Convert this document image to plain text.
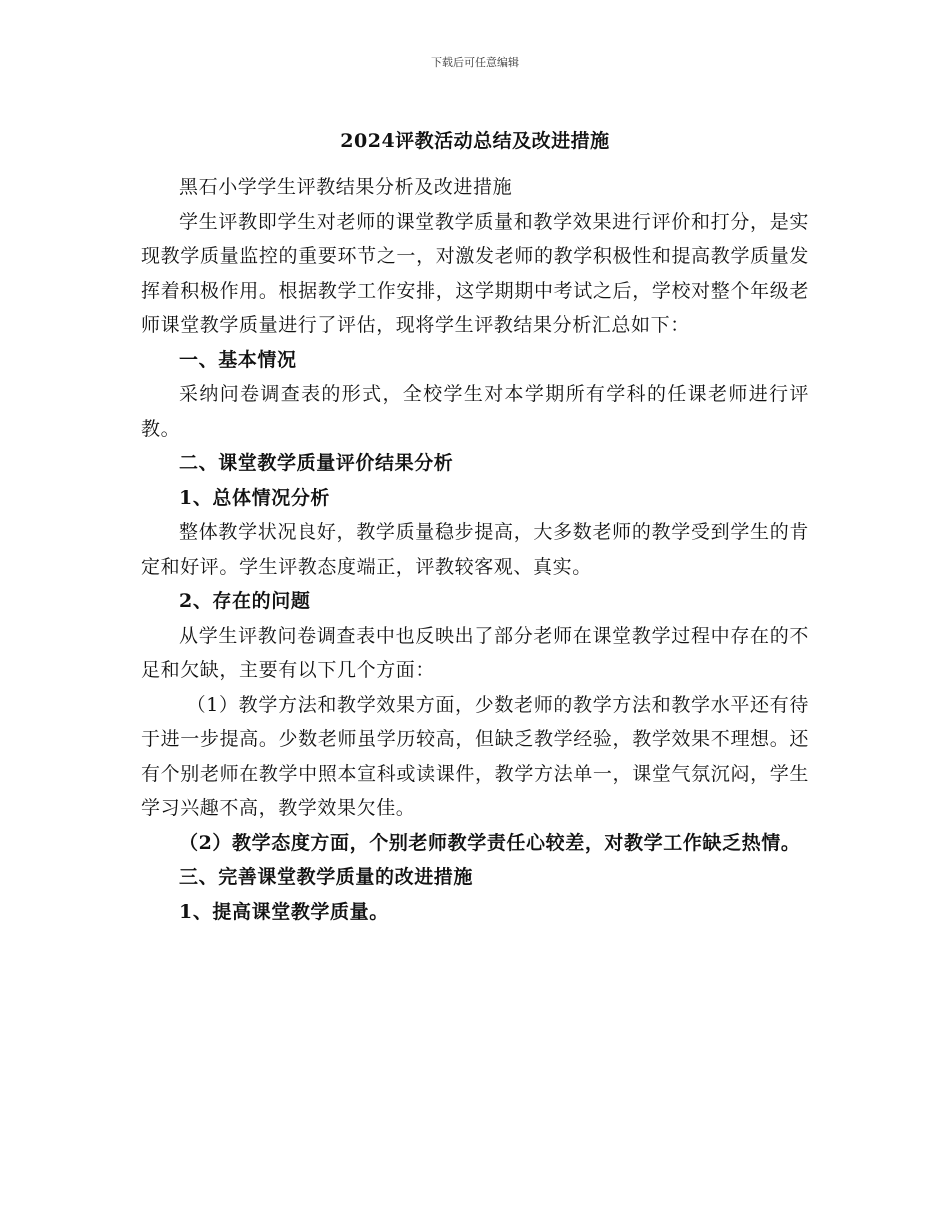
下载后可任意编辑
2024评教活动总结及改进措施

黑石小学学生评教结果分析及改进措施

学生评教即学生对老师的课堂教学质量和教学效果进行评价和打分，是实现教学质量监控的重要环节之一，对激发老师的教学积极性和提高教学质量发挥着积极作用。根据教学工作安排，这学期期中考试之后，学校对整个年级老师课堂教学质量进行了评估，现将学生评教结果分析汇总如下：

一、基本情况

采纳问卷调查表的形式，全校学生对本学期所有学科的任课老师进行评教。

二、课堂教学质量评价结果分析

1、总体情况分析

整体教学状况良好，教学质量稳步提高，大多数老师的教学受到学生的肯定和好评。学生评教态度端正，评教较客观、真实。

2、存在的问题

从学生评教问卷调查表中也反映出了部分老师在课堂教学过程中存在的不足和欠缺，主要有以下几个方面：

（1）教学方法和教学效果方面，少数老师的教学方法和教学水平还有待于进一步提高。少数老师虽学历较高，但缺乏教学经验，教学效果不理想。还有个别老师在教学中照本宣科或读课件，教学方法单一，课堂气氛沉闷，学生学习兴趣不高，教学效果欠佳。

（2）教学态度方面，个别老师教学责任心较差，对教学工作缺乏热情。

三、完善课堂教学质量的改进措施

1、提高课堂教学质量。
